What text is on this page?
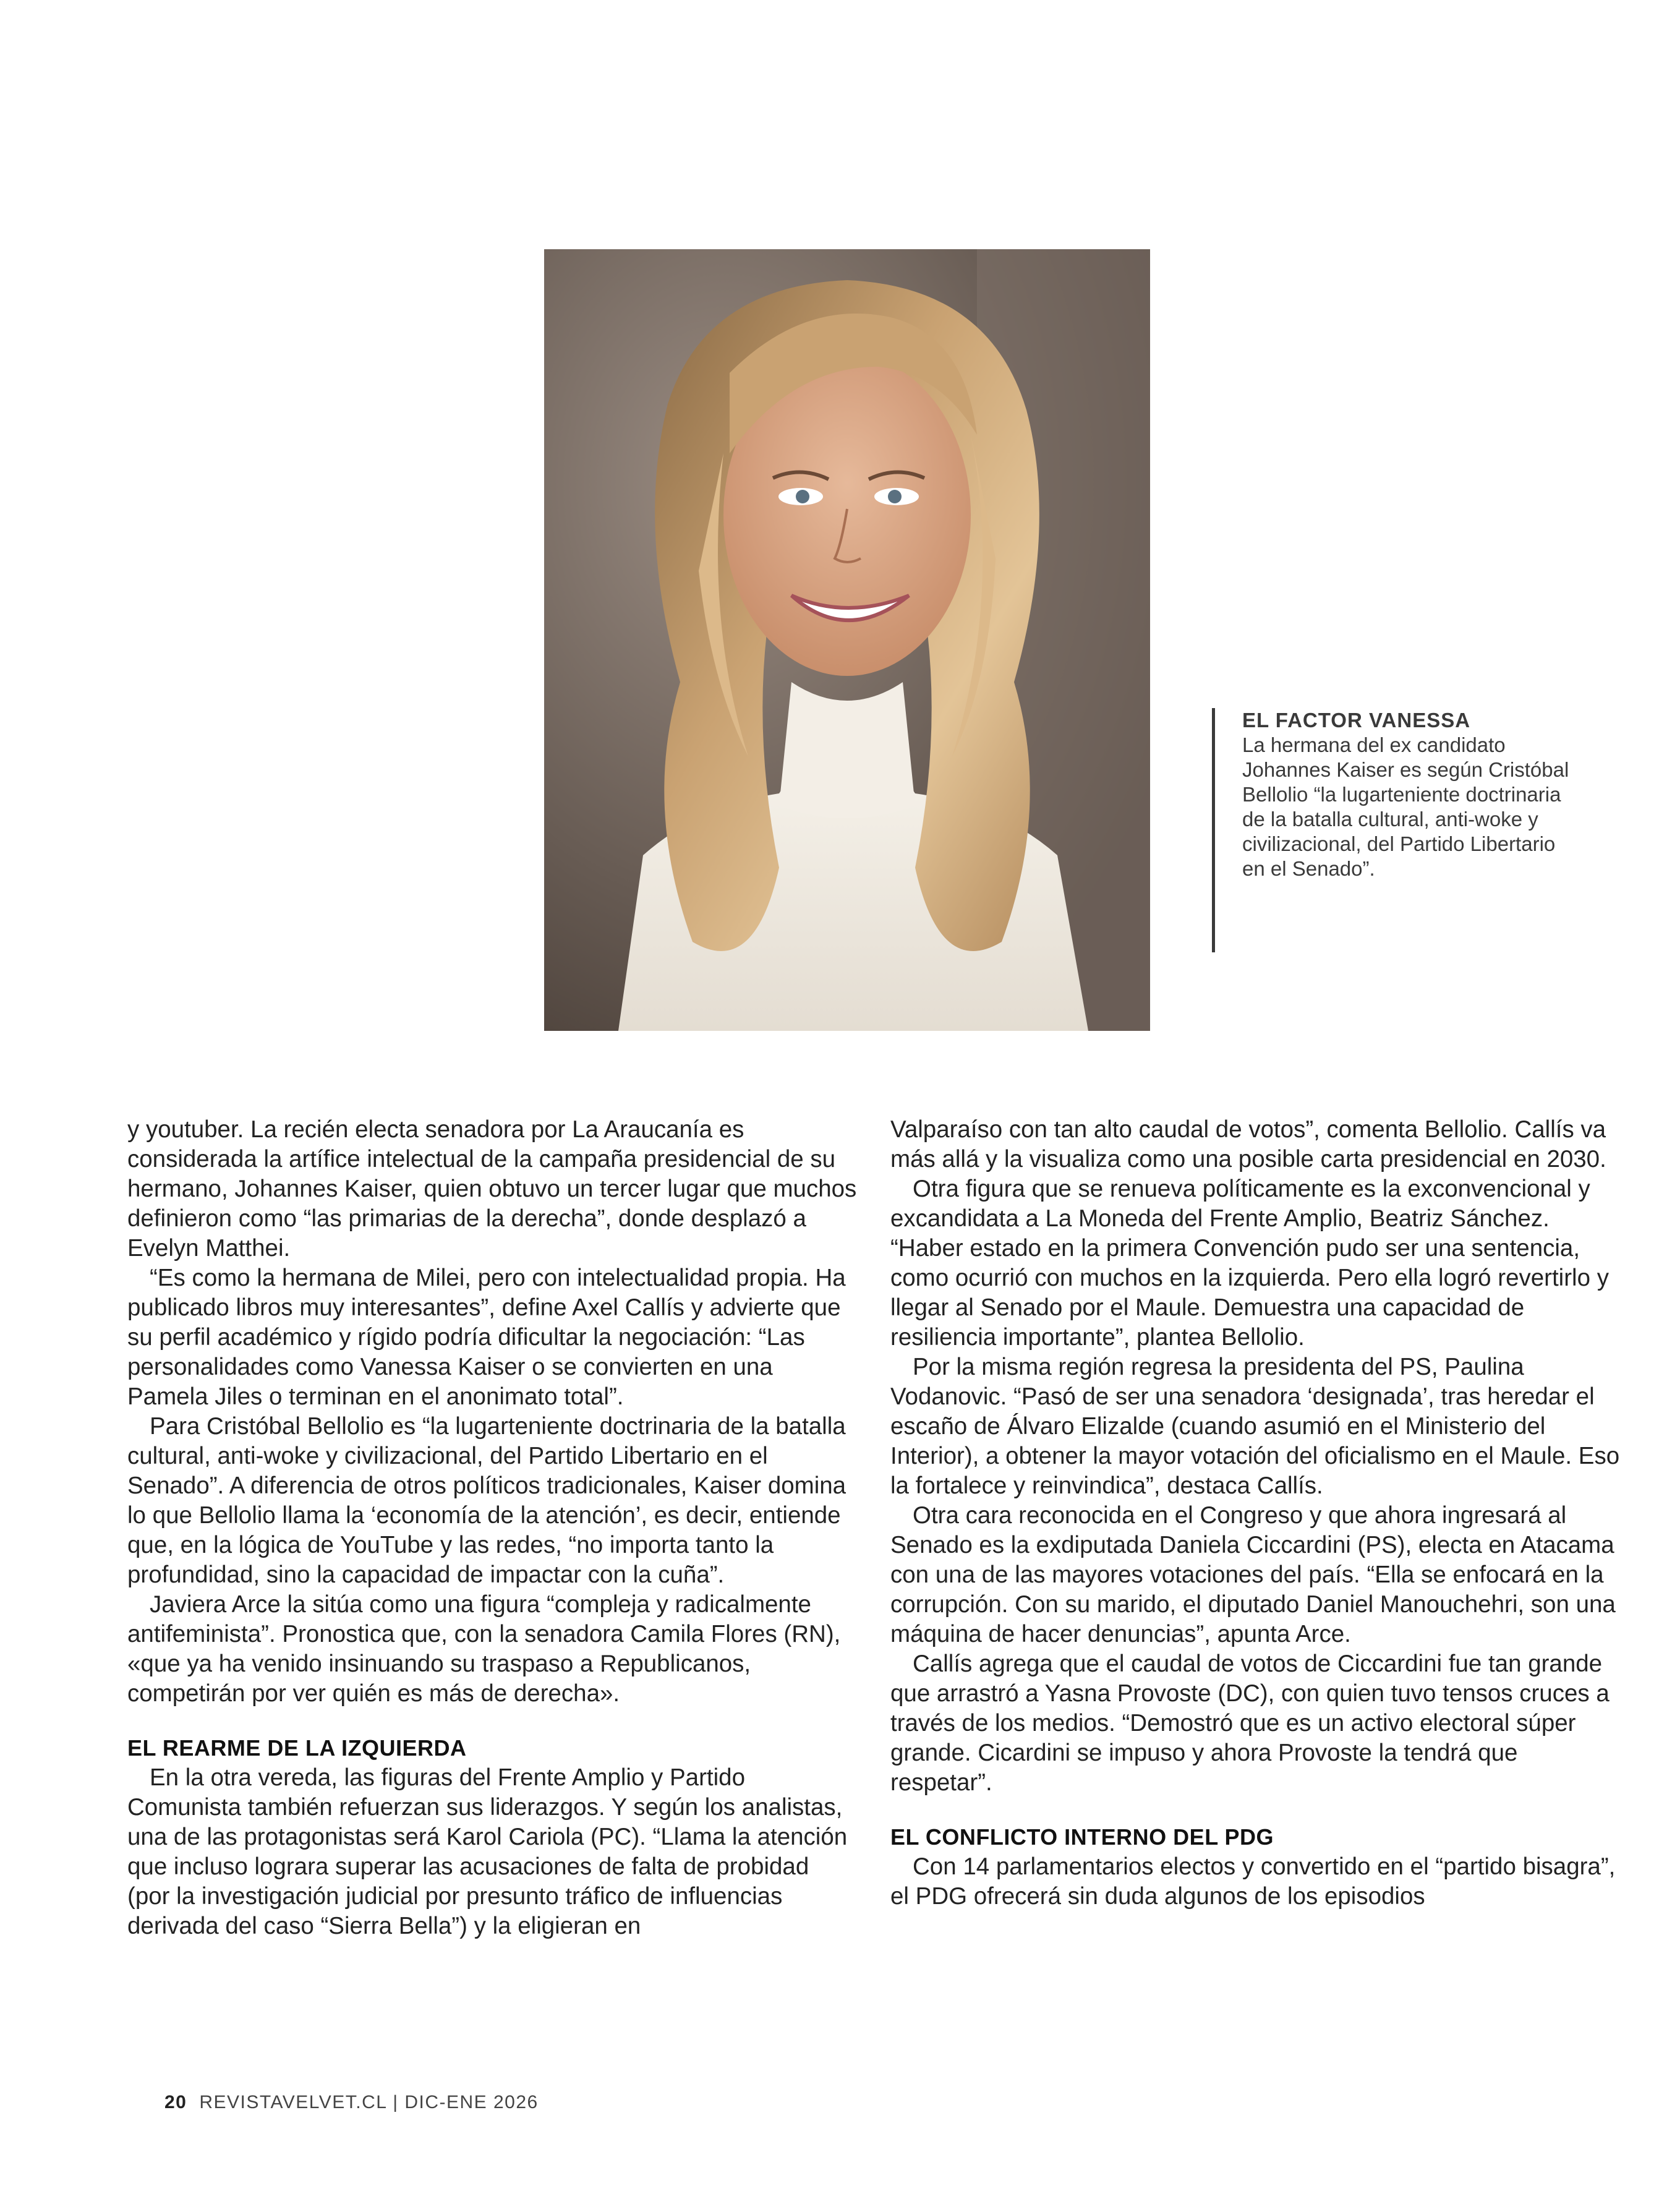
EL FACTOR VANESSA
La hermana del ex candidato Johannes Kaiser es según Cristóbal Bellolio “la lugarteniente doctrinaria de la batalla cultural, anti-woke y civilizacional, del Partido Libertario en el Senado”.

y youtuber. La recién electa senadora por La Araucanía es considerada la artífice intelectual de la campaña presidencial de su hermano, Johannes Kaiser, quien obtuvo un tercer lugar que muchos definieron como “las primarias de la derecha”, donde desplazó a Evelyn Matthei.

“Es como la hermana de Milei, pero con intelectualidad propia. Ha publicado libros muy interesantes”, define Axel Callís y advierte que su perfil académico y rígido podría dificultar la negociación: “Las personalidades como Vanessa Kaiser o se convierten en una Pamela Jiles o terminan en el anonimato total”.

Para Cristóbal Bellolio es “la lugarteniente doctrinaria de la batalla cultural, anti-woke y civilizacional, del Partido Libertario en el Senado”. A diferencia de otros políticos tradicionales, Kaiser domina lo que Bellolio llama la ‘economía de la atención’, es decir, entiende que, en la lógica de YouTube y las redes, “no importa tanto la profundidad, sino la capacidad de impactar con la cuña”.

Javiera Arce la sitúa como una figura “compleja y radicalmente antifeminista”. Pronostica que, con la senadora Camila Flores (RN), «que ya ha venido insinuando su traspaso a Republicanos, competirán por ver quién es más de derecha».

EL REARME DE LA IZQUIERDA

En la otra vereda, las figuras del Frente Amplio y Partido Comunista también refuerzan sus liderazgos. Y según los analistas, una de las protagonistas será Karol Cariola (PC). “Llama la atención que incluso lograra superar las acusaciones de falta de probidad (por la investigación judicial por presunto tráfico de influencias derivada del caso “Sierra Bella”) y la eligieran en

Valparaíso con tan alto caudal de votos”, comenta Bellolio. Callís va más allá y la visualiza como una posible carta presidencial en 2030.

Otra figura que se renueva políticamente es la exconvencional y excandidata a La Moneda del Frente Amplio, Beatriz Sánchez. “Haber estado en la primera Convención pudo ser una sentencia, como ocurrió con muchos en la izquierda. Pero ella logró revertirlo y llegar al Senado por el Maule. Demuestra una capacidad de resiliencia importante”, plantea Bellolio.

Por la misma región regresa la presidenta del PS, Paulina Vodanovic. “Pasó de ser una senadora ‘designada’, tras heredar el escaño de Álvaro Elizalde (cuando asumió en el Ministerio del Interior), a obtener la mayor votación del oficialismo en el Maule. Eso la fortalece y reinvindica”, destaca Callís.

Otra cara reconocida en el Congreso y que ahora ingresará al Senado es la exdiputada Daniela Ciccardini (PS), electa en Atacama con una de las mayores votaciones del país. “Ella se enfocará en la corrupción. Con su marido, el diputado Daniel Manouchehri, son una máquina de hacer denuncias”, apunta Arce.

Callís agrega que el caudal de votos de Ciccardini fue tan grande que arrastró a Yasna Provoste (DC), con quien tuvo tensos cruces a través de los medios. “Demostró que es un activo electoral súper grande. Cicardini se impuso y ahora Provoste la tendrá que respetar”.

EL CONFLICTO INTERNO DEL PDG

Con 14 parlamentarios electos y convertido en el “partido bisagra”, el PDG ofrecerá sin duda algunos de los episodios

20 REVISTAVELVET.CL | DIC-ENE 2026
